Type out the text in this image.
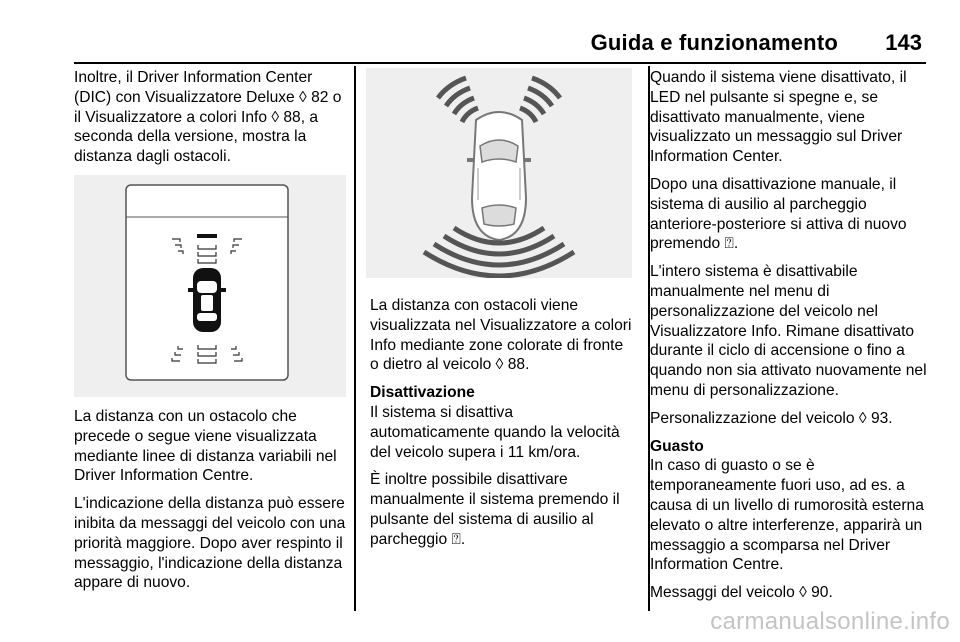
Guida e funzionamento 143

Inoltre, il Driver Information Center (DIC) con Visualizzatore Deluxe ◊ 82 o il Visualizzatore a colori Info ◊ 88, a seconda della versione, mostra la distanza dagli ostacoli.

La distanza con un ostacolo che precede o segue viene visualizzata mediante linee di distanza variabili nel Driver Information Centre.

L'indicazione della distanza può essere inibita da messaggi del veicolo con una priorità maggiore. Dopo aver respinto il messaggio, l'indicazione della distanza appare di nuovo.

La distanza con ostacoli viene visualizzata nel Visualizzatore a colori Info mediante zone colorate di fronte o dietro al veicolo ◊ 88.

Disattivazione

Il sistema si disattiva automaticamente quando la velocità del veicolo supera i 11 km/ora.

È inoltre possibile disattivare manualmente il sistema premendo il pulsante del sistema di ausilio al parcheggio ⍰.

Quando il sistema viene disattivato, il LED nel pulsante si spegne e, se disattivato manualmente, viene visualizzato un messaggio sul Driver Information Center.

Dopo una disattivazione manuale, il sistema di ausilio al parcheggio anteriore-posteriore si attiva di nuovo premendo ⍰.

L'intero sistema è disattivabile manualmente nel menu di personalizzazione del veicolo nel Visualizzatore Info. Rimane disattivato durante il ciclo di accensione o fino a quando non sia attivato nuovamente nel menu di personalizzazione.

Personalizzazione del veicolo ◊ 93.

Guasto

In caso di guasto o se è temporaneamente fuori uso, ad es. a causa di un livello di rumorosità esterna elevato o altre interferenze, apparirà un messaggio a scomparsa nel Driver Information Centre.

Messaggi del veicolo ◊ 90.

carmanualsonline.info
